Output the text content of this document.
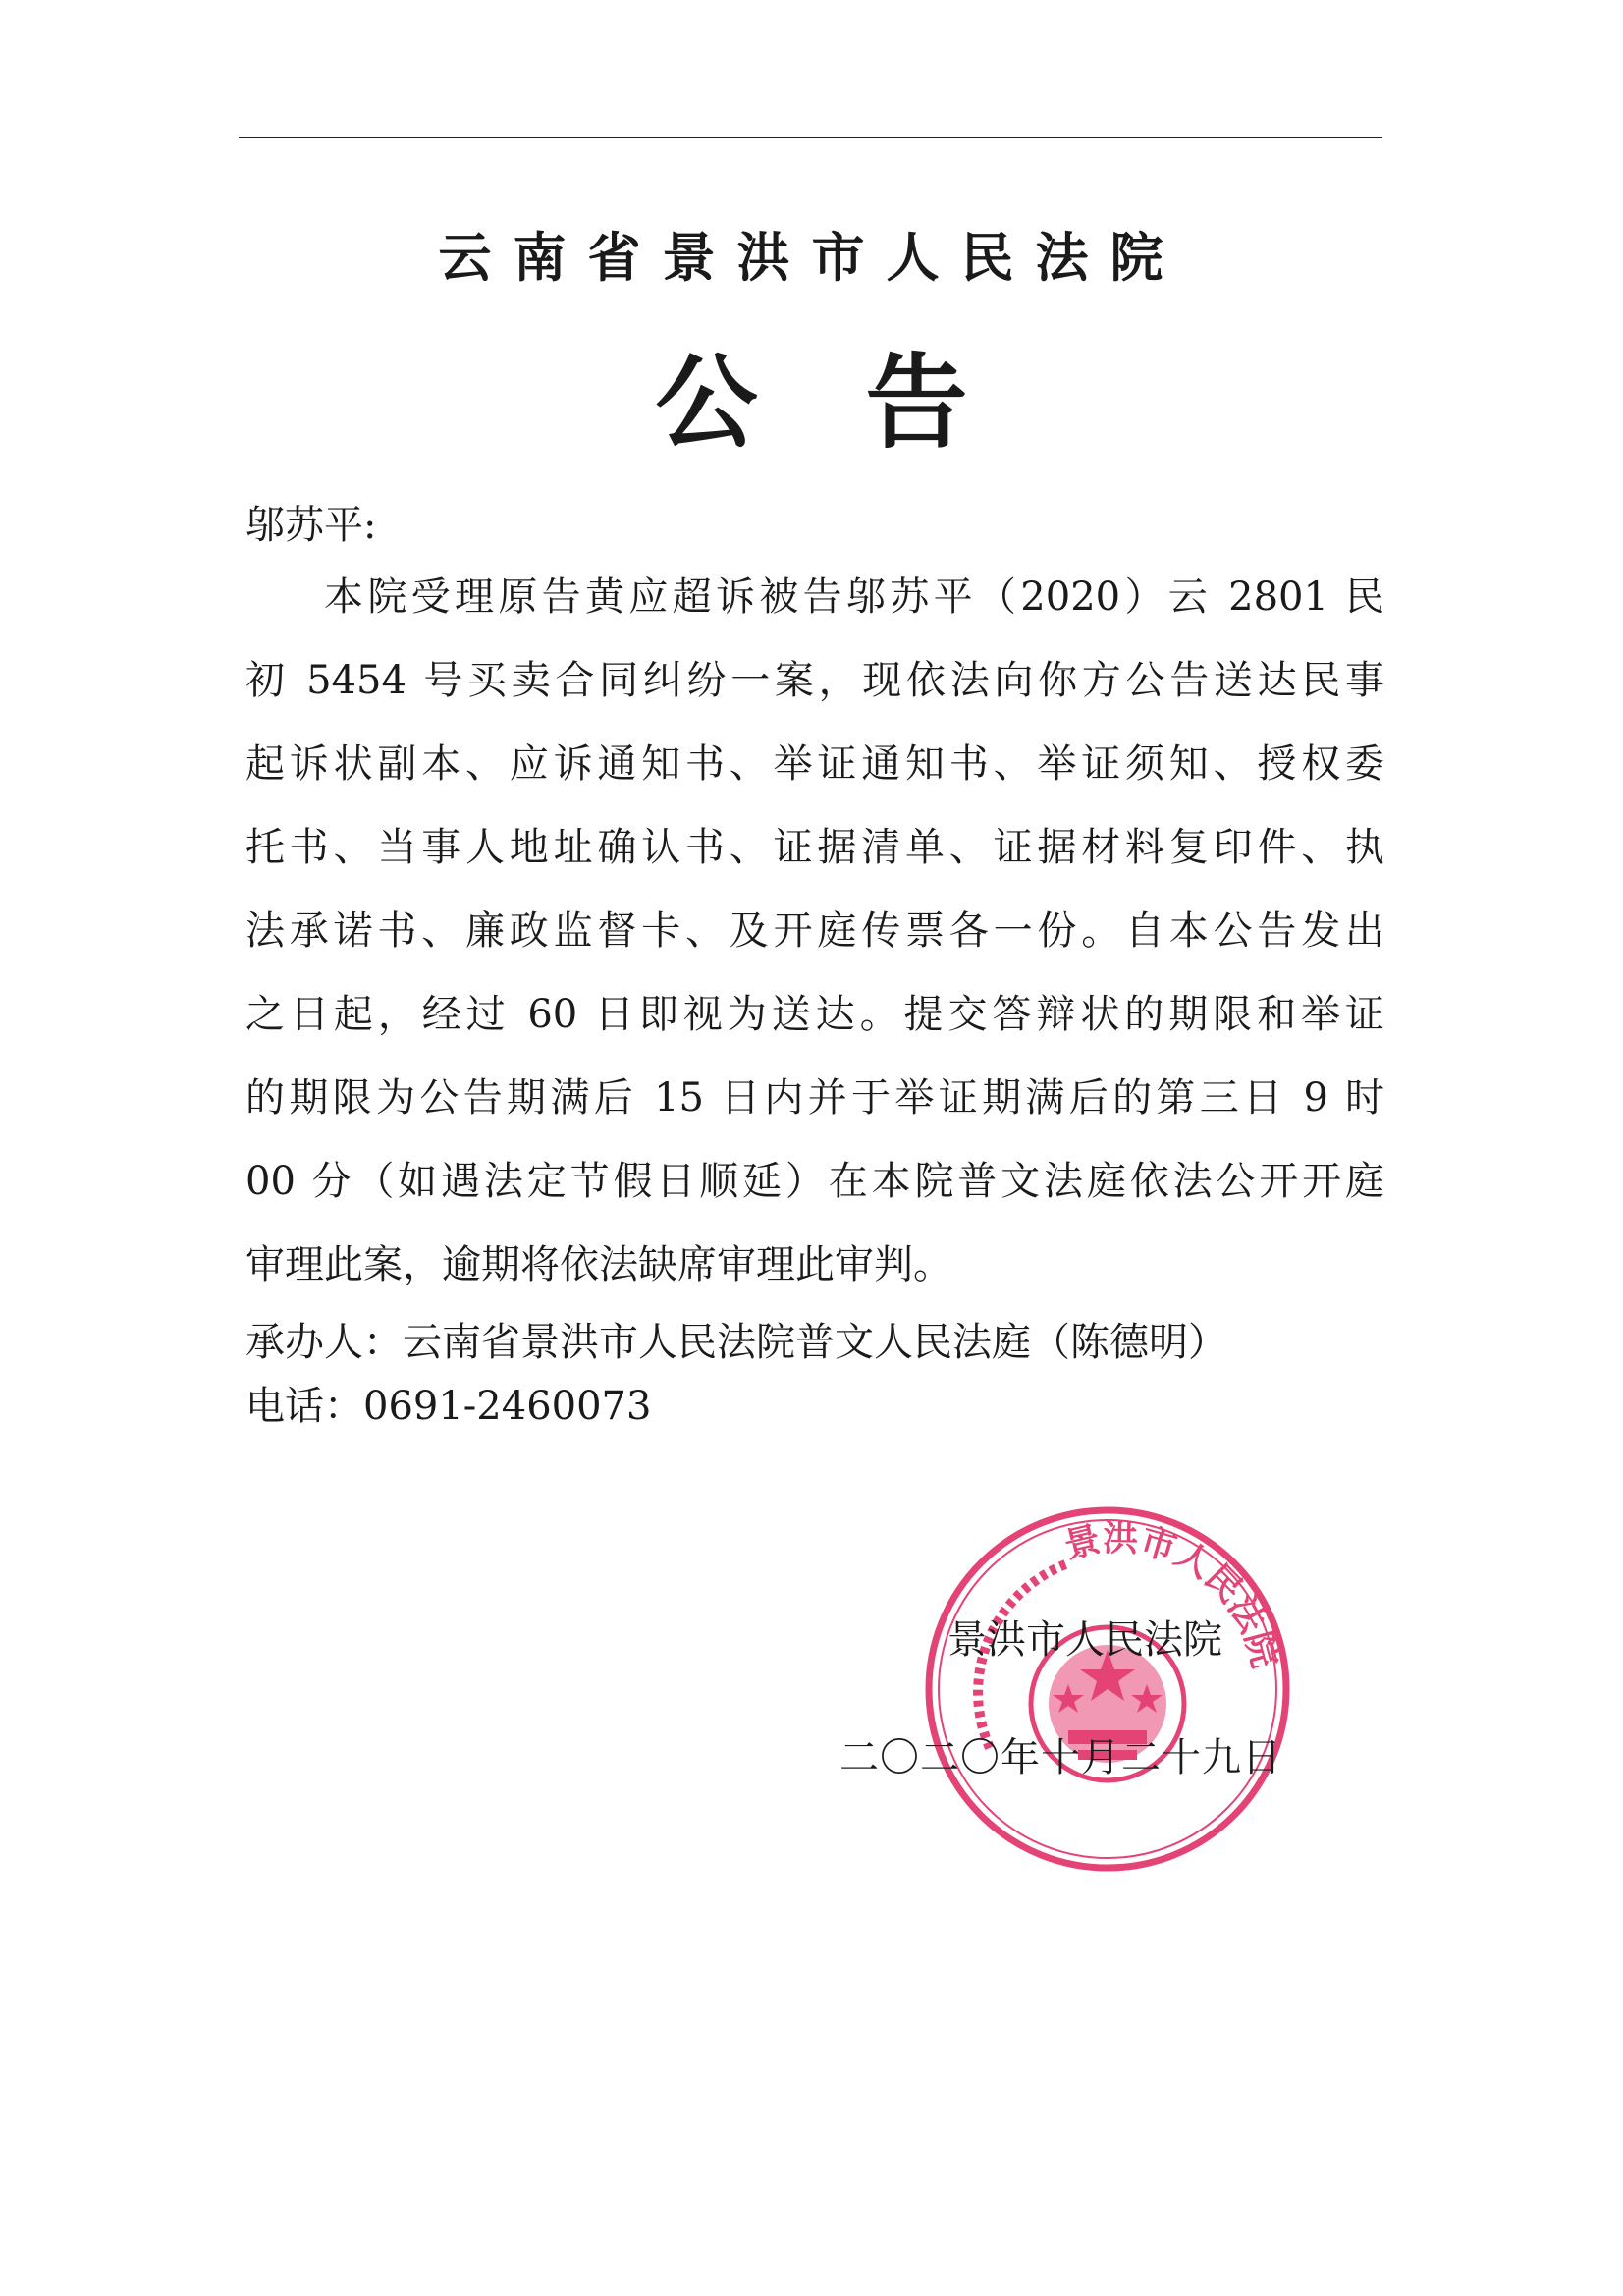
云南省景洪市人民法院
公告
邬苏平:
本院受理原告黄应超诉被告邬苏平（2020）云 2801 民
初 5454 号买卖合同纠纷一案，现依法向你方公告送达民事
起诉状副本、应诉通知书、举证通知书、举证须知、授权委
托书、当事人地址确认书、证据清单、证据材料复印件、执
法承诺书、廉政监督卡、及开庭传票各一份。自本公告发出
之日起，经过 60 日即视为送达。提交答辩状的期限和举证
的期限为公告期满后 15 日内并于举证期满后的第三日 9 时
00 分（如遇法定节假日顺延）在本院普文法庭依法公开开庭
审理此案，逾期将依法缺席审理此审判。
承办人：云南省景洪市人民法院普文人民法庭（陈德明）
电话：0691-2460073
景洪市人民法院
景洪市人民法院
二〇二〇年十月二十九日
